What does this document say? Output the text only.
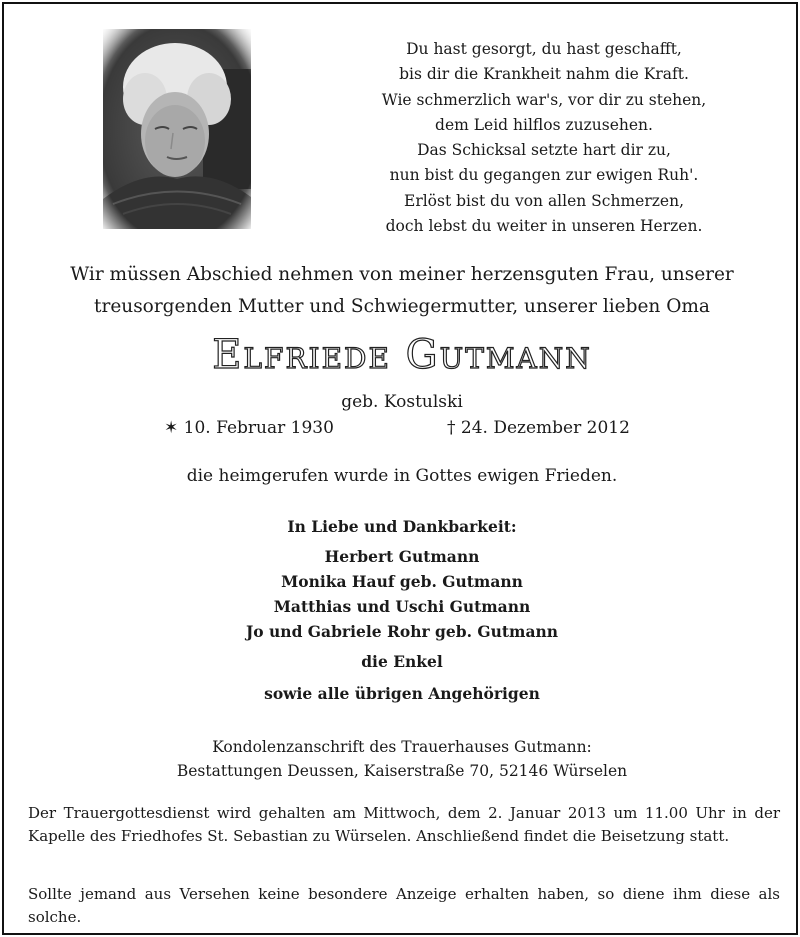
Du hast gesorgt, du hast geschafft,
bis dir die Krankheit nahm die Kraft.
Wie schmerzlich war's, vor dir zu stehen,
dem Leid hilflos zuzusehen.
Das Schicksal setzte hart dir zu,
nun bist du gegangen zur ewigen Ruh'.
Erlöst bist du von allen Schmerzen,
doch lebst du weiter in unseren Herzen.
Wir müssen Abschied nehmen von meiner herzensguten Frau, unserer
treusorgenden Mutter und Schwiegermutter, unserer lieben Oma
Elfriede Gutmann
geb. Kostulski
✶ 10. Februar 1930	† 24. Dezember 2012
die heimgerufen wurde in Gottes ewigen Frieden.
In Liebe und Dankbarkeit:
Herbert Gutmann
Monika Hauf geb. Gutmann
Matthias und Uschi Gutmann
Jo und Gabriele Rohr geb. Gutmann
die Enkel
sowie alle übrigen Angehörigen
Kondolenzanschrift des Trauerhauses Gutmann:
Bestattungen Deussen, Kaiserstraße 70, 52146 Würselen
Der Trauergottesdienst wird gehalten am Mittwoch, dem 2. Januar 2013 um 11.00 Uhr in der Kapelle des Friedhofes St. Sebastian zu Würselen. Anschließend findet die Beisetzung statt.
Sollte jemand aus Versehen keine besondere Anzeige erhalten haben, so diene ihm diese als solche.
